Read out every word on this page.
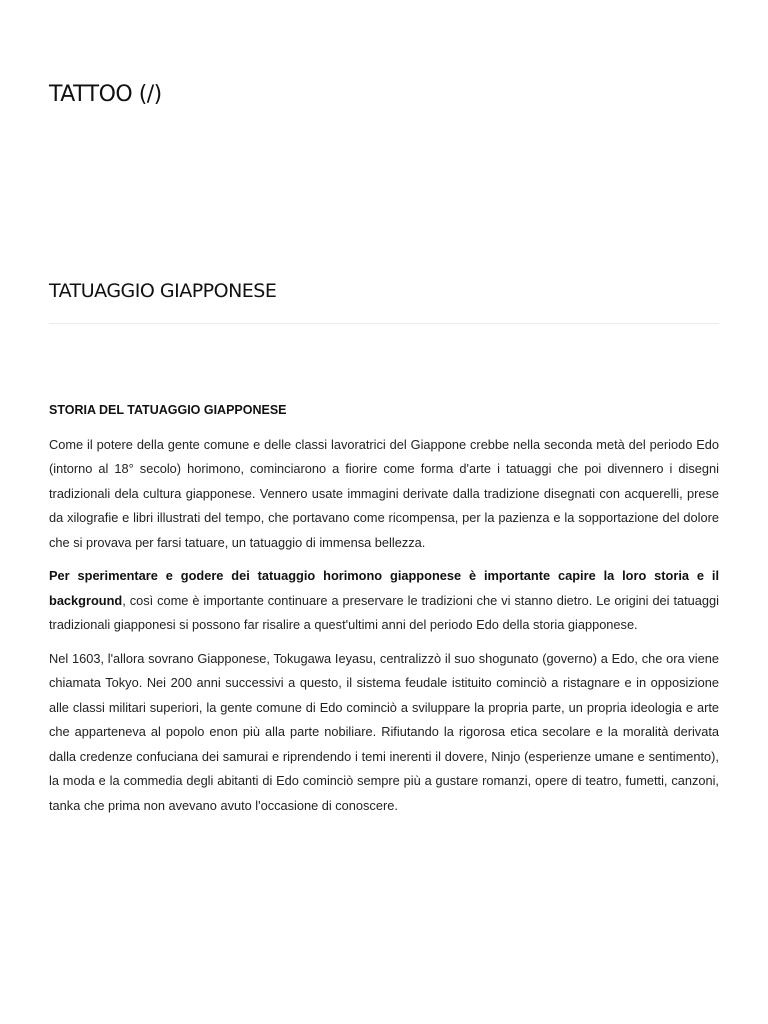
TATTOO (/)
TATUAGGIO GIAPPONESE
STORIA DEL TATUAGGIO GIAPPONESE

Come il potere della gente comune e delle classi lavoratrici del Giappone crebbe nella seconda metà del periodo Edo (intorno al 18° secolo) horimono, cominciarono a fiorire come forma d'arte i tatuaggi che poi divennero i disegni tradizionali dela cultura giapponese. Vennero usate immagini derivate dalla tradizione disegnati con acquerelli, prese da xilografie e libri illustrati del tempo, che portavano come ricompensa, per la pazienza e la sopportazione del dolore che si provava per farsi tatuare, un tatuaggio di immensa bellezza.

Per sperimentare e godere dei tatuaggio horimono giapponese è importante capire la loro storia e il background, così come è importante continuare a preservare le tradizioni che vi stanno dietro. Le origini dei tatuaggi tradizionali giapponesi si possono far risalire a quest'ultimi anni del periodo Edo della storia giapponese.

Nel 1603, l'allora sovrano Giapponese, Tokugawa Ieyasu, centralizzò il suo shogunato (governo) a Edo, che ora viene chiamata Tokyo. Nei 200 anni successivi a questo, il sistema feudale istituito cominciò a ristagnare e in opposizione alle classi militari superiori, la gente comune di Edo cominciò a sviluppare la propria parte, un propria ideologia e arte che apparteneva al popolo enon più alla parte nobiliare. Rifiutando la rigorosa etica secolare e la moralità derivata dalla credenze confuciana dei samurai e riprendendo i temi inerenti il dovere, Ninjo (esperienze umane e sentimento), la moda e la commedia degli abitanti di Edo cominciò sempre più a gustare romanzi, opere di teatro, fumetti, canzoni, tanka che prima non avevano avuto l'occasione di conoscere.
